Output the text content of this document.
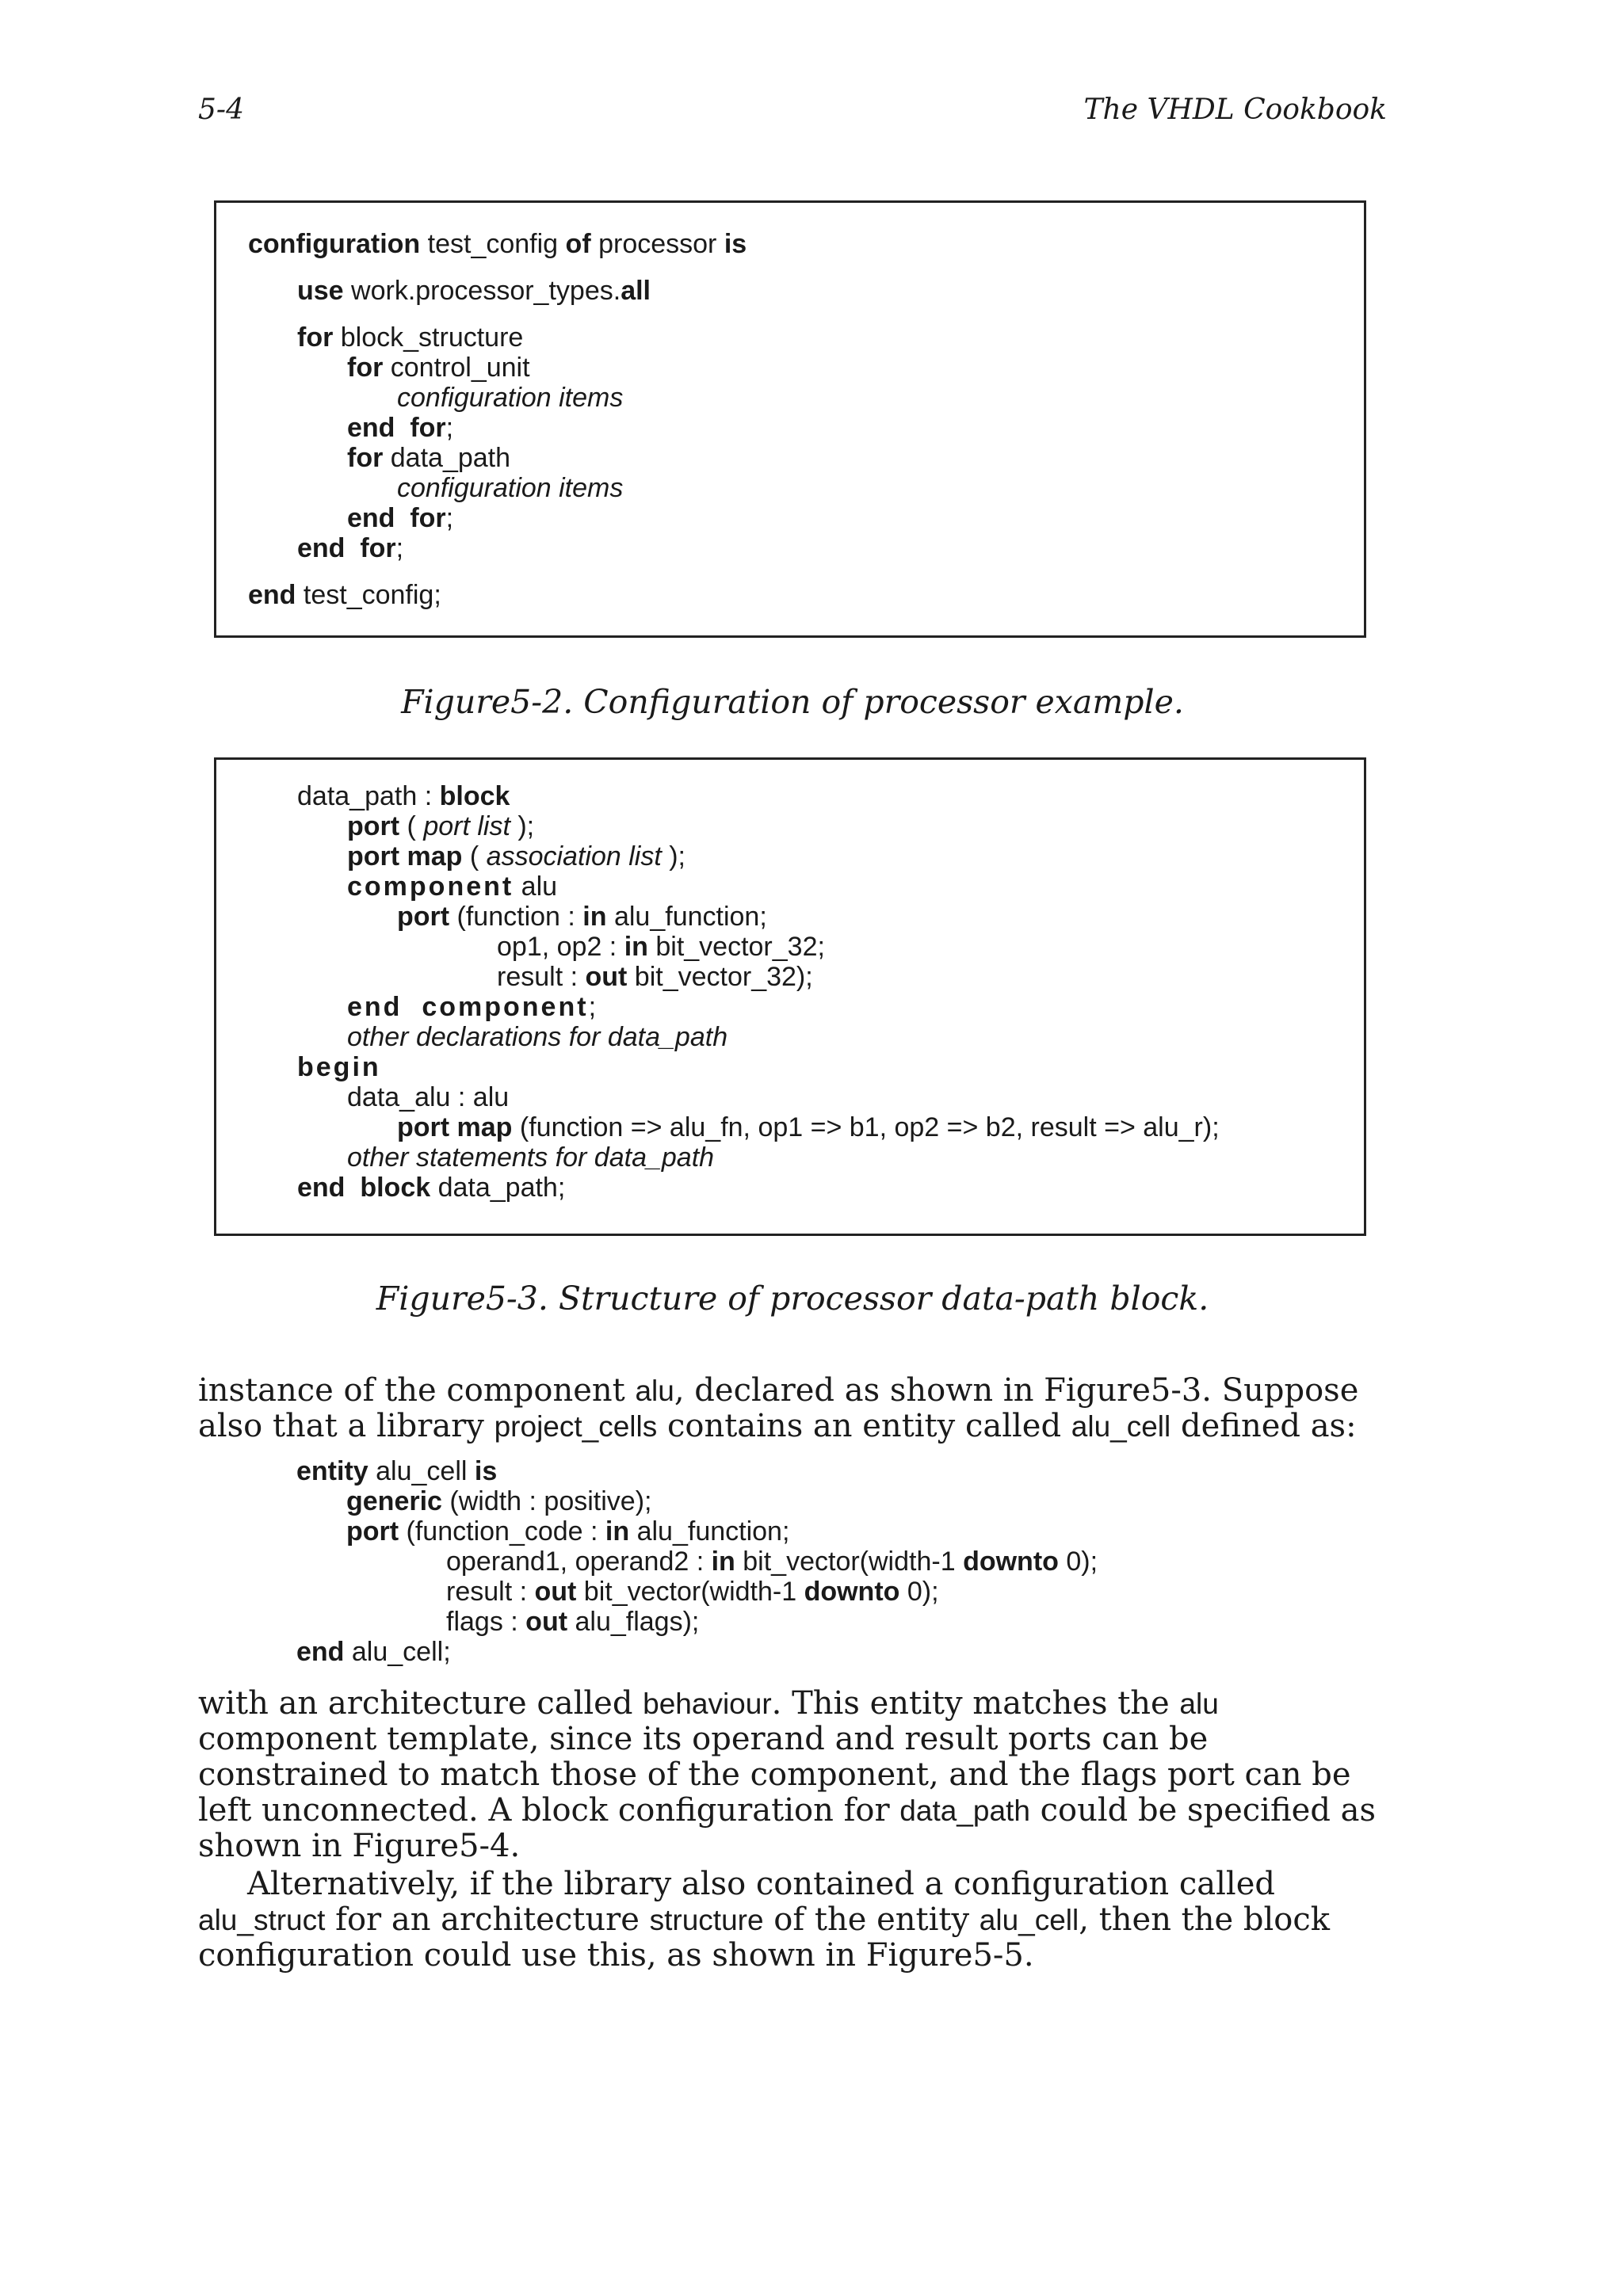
5-4	The VHDL Cookbook
configuration test_config of processor is
use work.processor_types.all
for block_structure
for control_unit
configuration items
end  for;
for data_path
configuration items
end  for;
end  for;
end test_config;
Figure5-2. Configuration of processor example.
data_path : block
port ( port list );
port map ( association list );
component alu
port (function : in alu_function;
op1, op2 : in bit_vector_32;
result : out bit_vector_32);
end  component;
other declarations for data_path
begin
data_alu : alu
port map (function => alu_fn, op1 => b1, op2 => b2, result => alu_r);
other statements for data_path
end  block data_path;
Figure5-3. Structure of processor data-path block.
instance of the component alu, declared as shown in Figure5-3. Suppose also that a library project_cells contains an entity called alu_cell defined as:
entity alu_cell is
generic (width : positive);
port (function_code : in alu_function;
operand1, operand2 : in bit_vector(width-1 downto 0);
result : out bit_vector(width-1 downto 0);
flags : out alu_flags);
end alu_cell;
with an architecture called behaviour. This entity matches the alu component template, since its operand and result ports can be constrained to match those of the component, and the flags port can be left unconnected. A block configuration for data_path could be specified as shown in Figure5-4.
Alternatively, if the library also contained a configuration called alu_struct for an architecture structure of the entity alu_cell, then the block configuration could use this, as shown in Figure5-5.
